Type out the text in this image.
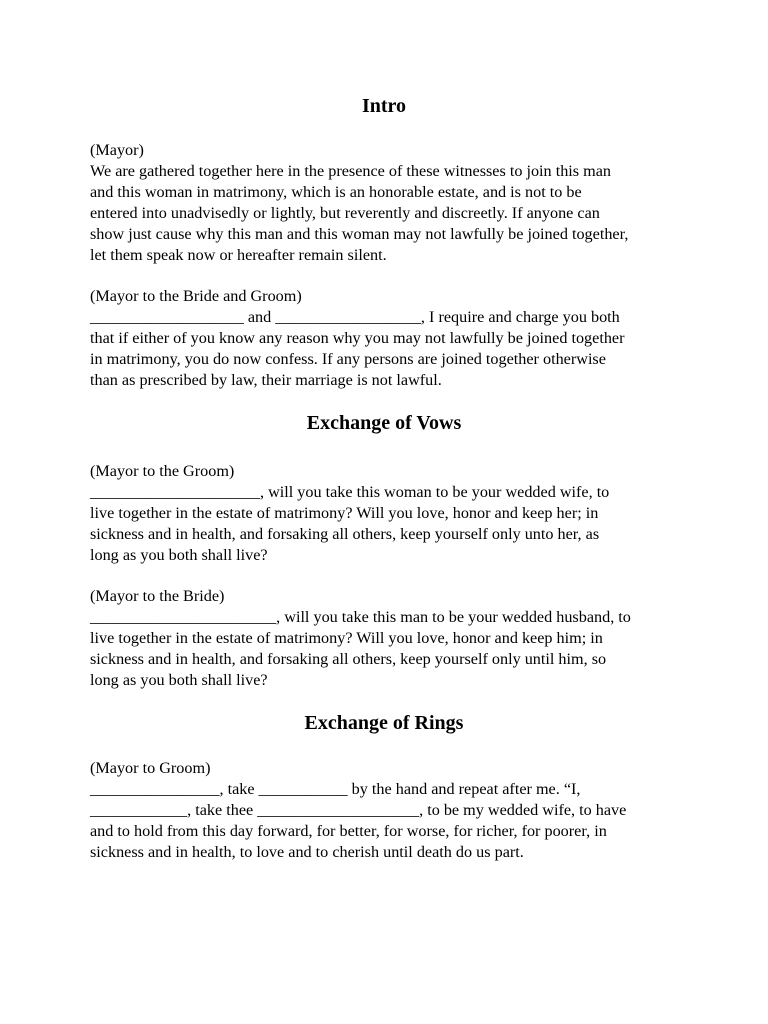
Intro

(Mayor)

We are gathered together here in the presence of these witnesses to join this man

and this woman in matrimony, which is an honorable estate, and is not to be

entered into unadvisedly or lightly, but reverently and discreetly. If anyone can

show just cause why this man and this woman may not lawfully be joined together,

let them speak now or hereafter remain silent.

(Mayor to the Bride and Groom)

___________________ and __________________, I require and charge you both

that if either of you know any reason why you may not lawfully be joined together

in matrimony, you do now confess. If any persons are joined together otherwise

than as prescribed by law, their marriage is not lawful.

Exchange of Vows

(Mayor to the Groom)

_____________________, will you take this woman to be your wedded wife, to

live together in the estate of matrimony? Will you love, honor and keep her; in

sickness and in health, and forsaking all others, keep yourself only unto her, as

long as you both shall live?

(Mayor to the Bride)

_______________________, will you take this man to be your wedded husband, to

live together in the estate of matrimony? Will you love, honor and keep him; in

sickness and in health, and forsaking all others, keep yourself only until him, so

long as you both shall live?

Exchange of Rings

(Mayor to Groom)

________________, take ___________ by the hand and repeat after me. “I,

____________, take thee ____________________, to be my wedded wife, to have

and to hold from this day forward, for better, for worse, for richer, for poorer, in

sickness and in health, to love and to cherish until death do us part.
